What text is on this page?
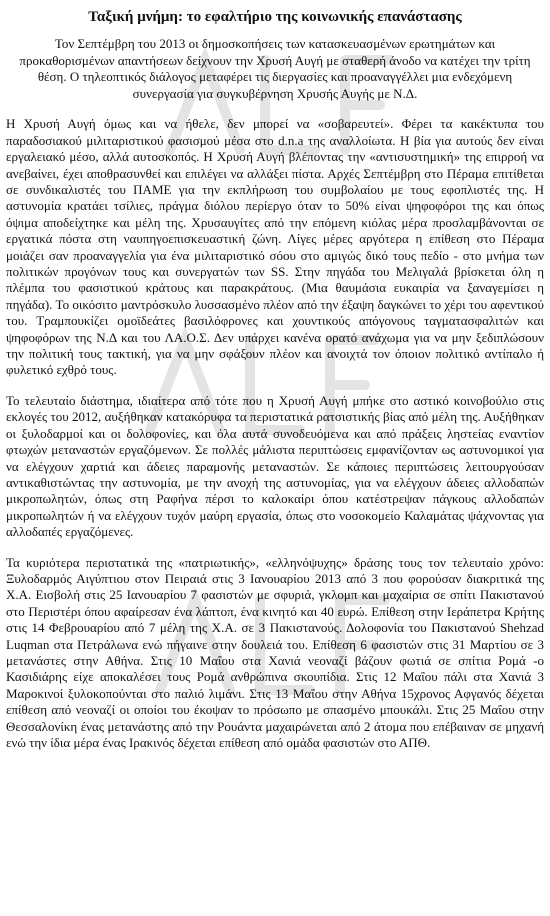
Ταξική μνήμη: το εφαλτήριο της κοινωνικής επανάστασης
Τον Σεπτέμβρη του 2013 οι δημοσκοπήσεις των κατασκευασμένων ερωτημάτων και προκαθορισμένων απαντήσεων δείχνουν την Χρυσή Αυγή με σταθερή άνοδο να κατέχει την τρίτη θέση. Ο τηλεοπτικός διάλογος μεταφέρει τις διεργασίες και προαναγγέλλει μια ενδεχόμενη συνεργασία για συγκυβέρνηση Χρυσής Αυγής με Ν.Δ.
Η Χρυσή Αυγή όμως και να ήθελε, δεν μπορεί να «σοβαρευτεί». Φέρει τα κακέκτυπα του παραδοσιακού μιλιταριστικού φασισμού μέσα στο d.n.a της αναλλοίωτα. Η βία για αυτούς δεν είναι εργαλειακό μέσο, αλλά αυτοσκοπός. Η Χρυσή Αυγή βλέποντας την «αντισυστημική» της επιρροή να ανεβαίνει, έχει αποθρασυνθεί και επιλέγει να αλλάξει πίστα. Αρχές Σεπτέμβρη στο Πέραμα επιτίθεται σε συνδικαλιστές του ΠΑΜΕ για την εκπλήρωση του συμβολαίου με τους εφοπλιστές της. Η αστυνομία κρατάει τσίλιες, πράγμα διόλου περίεργο όταν το 50% είναι ψηφοφόροι της και όπως όψιμα αποδείχτηκε και μέλη της. Χρυσαυγίτες από την επόμενη κιόλας μέρα προσλαμβάνονται σε εργατικά πόστα στη ναυπηγοεπισκευαστική ζώνη. Λίγες μέρες αργότερα η επίθεση στο Πέραμα μοιάζει σαν προαναγγελία για ένα μιλιταριστικό σόου στο αμιγώς δικό τους πεδίο - στο μνήμα των πολιτικών προγόνων τους και συνεργατών των SS. Στην πηγάδα του Μελιγαλά βρίσκεται όλη η πλέμπα του φασιστικού κράτους και παρακράτους. (Μια θαυμάσια ευκαιρία να ξαναγεμίσει η πηγάδα). Το οικόσιτο μαντρόσκυλο λυσσασμένο πλέον από την έξαψη δαγκώνει το χέρι του αφεντικού του. Τραμπουκίζει ομοϊδεάτες βασιλόφρονες και χουντικούς απόγονους ταγματασφαλιτών και ψηφοφόρων της Ν.Δ και του ΛΑ.Ο.Σ. Δεν υπάρχει κανένα ορατό ανάχωμα για να μην ξεδιπλώσουν την πολιτική τους τακτική, για να μην σφάξουν πλέον και ανοιχτά τον όποιον πολιτικό αντίπαλο ή φυλετικό εχθρό τους.
Το τελευταίο διάστημα, ιδιαίτερα από τότε που η Χρυσή Αυγή μπήκε στο αστικό κοινοβούλιο στις εκλογές του 2012, αυξήθηκαν κατακόρυφα τα περιστατικά ρατσιστικής βίας από μέλη της. Αυξήθηκαν οι ξυλοδαρμοί και οι δολοφονίες, και όλα αυτά συνοδευόμενα και από πράξεις ληστείας εναντίον φτωχών μεταναστών εργαζόμενων. Σε πολλές μάλιστα περιπτώσεις εμφανίζονταν ως αστυνομικοί για να ελέγχουν χαρτιά και άδειες παραμονής μεταναστών. Σε κάποιες περιπτώσεις λειτουργούσαν αντικαθιστώντας την αστυνομία, με την ανοχή της αστυνομίας, για να ελέγχουν άδειες αλλοδαπών μικροπωλητών, όπως στη Ραφήνα πέρσι το καλοκαίρι όπου κατέστρεψαν πάγκους αλλοδαπών μικροπωλητών ή να ελέγχουν τυχόν μαύρη εργασία, όπως στο νοσοκομείο Καλαμάτας ψάχνοντας για αλλοδαπές εργαζόμενες.
Τα κυριότερα περιστατικά της «πατριωτικής», «ελληνόψυχης» δράσης τους τον τελευταίο χρόνο: Ξυλοδαρμός Αιγύπτιου στον Πειραιά στις 3 Ιανουαρίου 2013 από 3 που φορούσαν διακριτικά της Χ.Α. Εισβολή στις 25 Ιανουαρίου 7 φασιστών με σφυριά, γκλομπ και μαχαίρια σε σπίτι Πακιστανού στο Περιστέρι όπου αφαίρεσαν ένα λάπτοπ, ένα κινητό και 40 ευρώ. Επίθεση στην Ιεράπετρα Κρήτης στις 14 Φεβρουαρίου από 7 μέλη της Χ.Α. σε 3 Πακιστανούς. Δολοφονία του Πακιστανού Shehzad Luqman στα Πετράλωνα ενώ πήγαινε στην δουλειά του. Επίθεση 6 φασιστών στις 31 Μαρτίου σε 3 μετανάστες στην Αθήνα. Στις 10 Μαΐου στα Χανιά νεοναζί βάζουν φωτιά σε σπίτια Ρομά -ο Κασιδιάρης είχε αποκαλέσει τους Ρομά ανθρώπινα σκουπίδια. Στις 12 Μαΐου πάλι στα Χανιά 3 Μαροκινοί ξυλοκοπούνται στο παλιό λιμάνι. Στις 13 Μαΐου στην Αθήνα 15χρονος Αφγανός δέχεται επίθεση από νεοναζί οι οποίοι του έκοψαν το πρόσωπο με σπασμένο μπουκάλι. Στις 25 Μαΐου στην Θεσσαλονίκη ένας μετανάστης από την Ρουάντα μαχαιρώνεται από 2 άτομα που επέβαιναν σε μηχανή ενώ την ίδια μέρα ένας Ιρακινός δέχεται επίθεση από ομάδα φασιστών στο ΑΠΘ.
